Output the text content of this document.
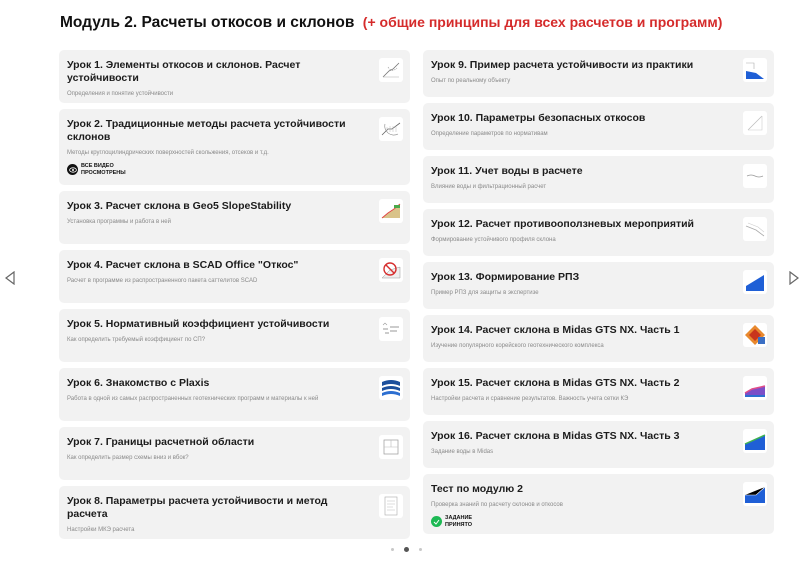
Модуль 2. Расчеты откосов и склонов (+ общие принципы для всех расчетов и программ)
Урок 1. Элементы откосов и склонов. Расчет устойчивости
Определения и понятие устойчивости
Урок 2. Традиционные методы расчета устойчивости склонов
Методы круглоцилиндрических поверхностей скольжения, отсеков и т.д.
ВСЕ ВИДЕО ПРОСМОТРЕНЫ
Урок 3. Расчет склона в Geo5 SlopeStability
Установка программы и работа в ней
Урок 4. Расчет склона в SCAD Office "Откос"
Расчет в программе из распространенного пакета саттелитов SCAD
Урок 5. Нормативный коэффициент устойчивости
Как определить требуемый коэффициент по СП?
Урок 6. Знакомство с Plaxis
Работа в одной из самых распространенных геотехнических программ и материалы к ней
Урок 7. Границы расчетной области
Как определить размер схемы вниз и вбок?
Урок 8. Параметры расчета устойчивости и метод расчета
Настройки МКЭ расчета
Урок 9. Пример расчета устойчивости из практики
Опыт по реальному объекту
Урок 10. Параметры безопасных откосов
Определение параметров по нормативам
Урок 11. Учет воды в расчете
Влияние воды и фильтрационный расчет
Урок 12. Расчет противооползневых мероприятий
Формирование устойчивого профиля склона
Урок 13. Формирование РПЗ
Пример РПЗ для защиты в экспертизе
Урок 14. Расчет склона в Midas GTS NX. Часть 1
Изучение популярного корейского геотехнического комплекса
Урок 15. Расчет склона в Midas GTS NX. Часть 2
Настройки расчета и сравнение результатов. Важность учета сетки КЭ
Урок 16. Расчет склона в Midas GTS NX. Часть 3
Задание воды в Midas
Тест по модулю 2
Проверка знаний по расчету склонов и откосов
ЗАДАНИЕ ПРИНЯТО
